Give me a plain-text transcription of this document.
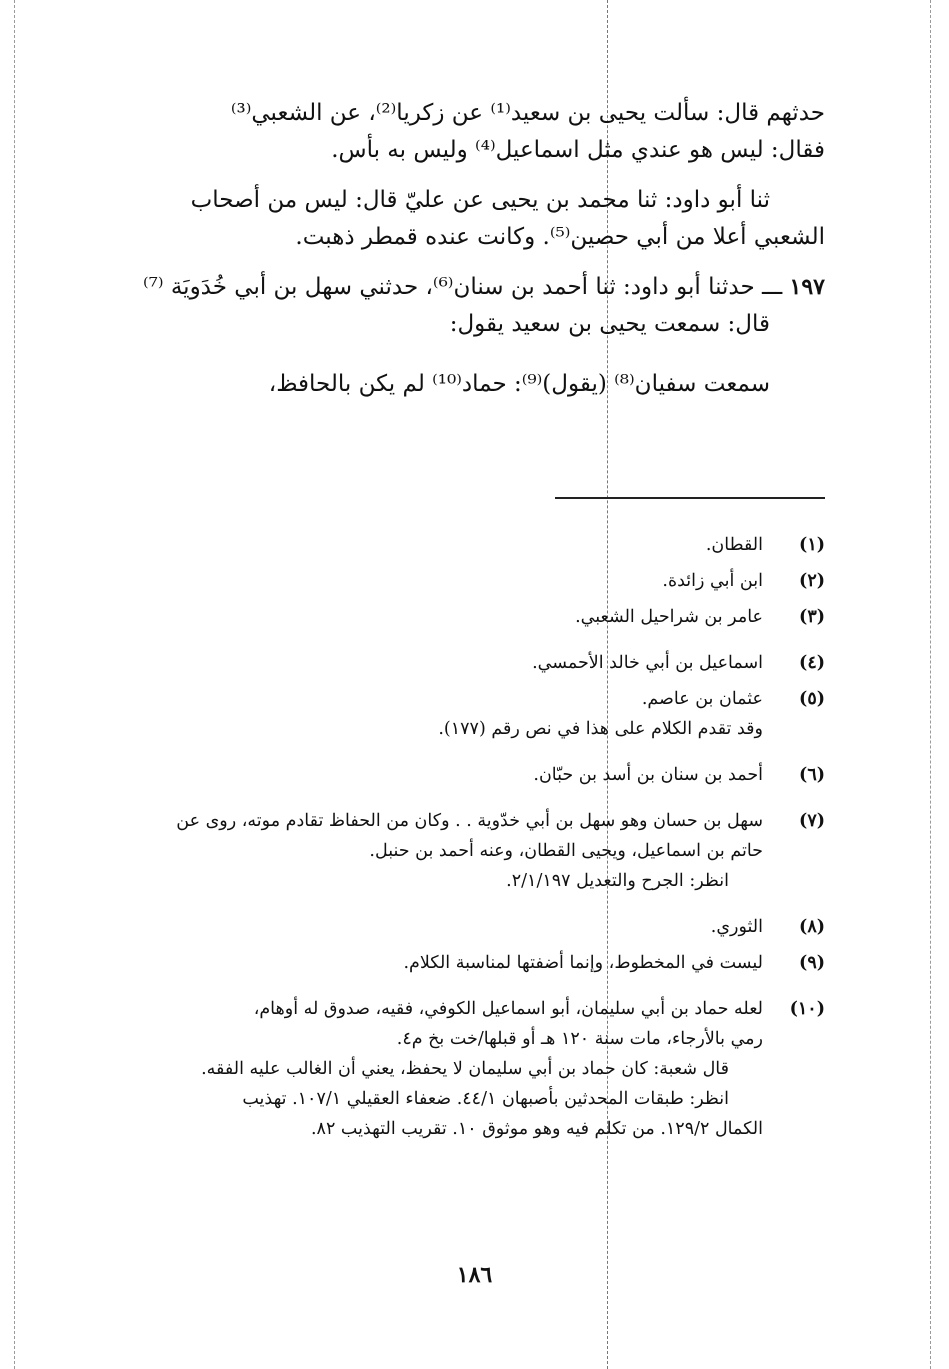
حدثهم قال: سألت يحيى بن سعيد⁽¹⁾ عن زكريا⁽²⁾، عن الشعبي⁽³⁾

فقال: ليس هو عندي مثل اسماعيل⁽⁴⁾ وليس به بأس.

ثنا أبو داود: ثنا محمد بن يحيى عن عليّ قال: ليس من أصحاب

الشعبي أعلا من أبي حصين⁽⁵⁾. وكانت عنده قمطر ذهبت.

١٩٧ ـــ حدثنا أبو داود: ثنا أحمد بن سنان⁽⁶⁾، حدثني سهل بن أبي خُدَويَة ⁽⁷⁾

قال: سمعت يحيى بن سعيد يقول:

سمعت سفيان⁽⁸⁾ (يقول)⁽⁹⁾: حماد⁽¹⁰⁾ لم يكن بالحافظ،

(١)
القطان.
(٢)
ابن أبي زائدة.
(٣)
عامر بن شراحيل الشعبي.
(٤)
اسماعيل بن أبي خالد الأحمسي.
(٥)
عثمان بن عاصم.
وقد تقدم الكلام على هذا في نص رقم (١٧٧).
(٦)
أحمد بن سنان بن أسد بن حبّان.
(٧)
سهل بن حسان وهو سهل بن أبي خدّوية . . وكان من الحفاظ تقادم موته، روى عن
حاتم بن اسماعيل، ويحيى القطان، وعنه أحمد بن حنبل.
انظر: الجرح والتعديل ٢/١/١٩٧.
(٨)
الثوري.
(٩)
ليست في المخطوط، وإنما أضفتها لمناسبة الكلام.
(١٠)
لعله حماد بن أبي سليمان، أبو اسماعيل الكوفي، فقيه، صدوق له أوهام،
رمي بالأرجاء، مات سنة ١٢٠ هـ أو قبلها/خت بخ م٤.
قال شعبة: كان حماد بن أبي سليمان لا يحفظ، يعني أن الغالب عليه الفقه.
انظر: طبقات المحدثين بأصبهان ٤٤/١. ضعفاء العقيلي ١٠٧/١. تهذيب
الكمال ١٢٩/٢. من تكلم فيه وهو موثوق ١٠. تقريب التهذيب ٨٢.
١٨٦
